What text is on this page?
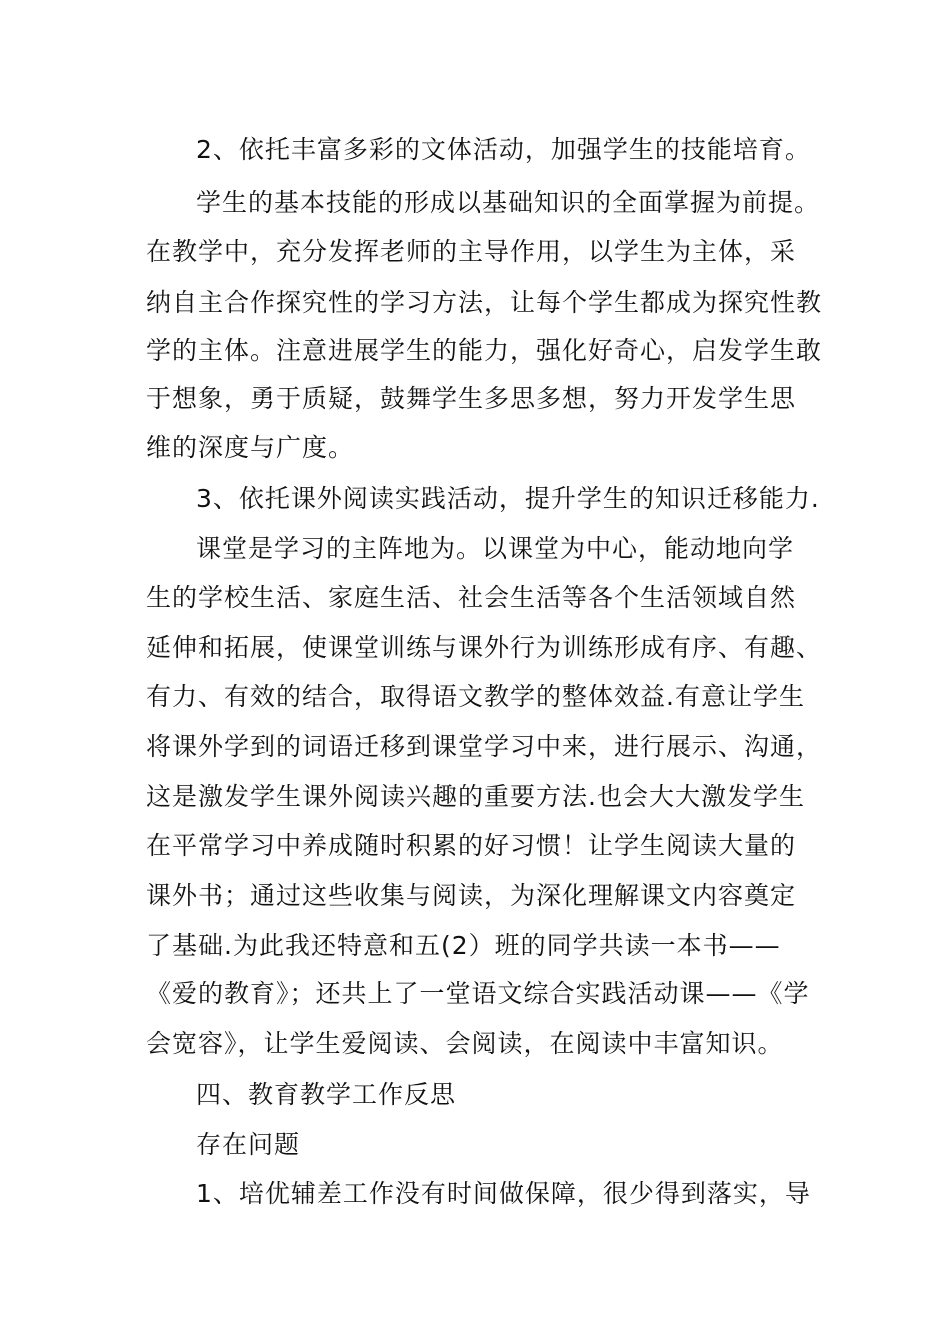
2、依托丰富多彩的文体活动，加强学生的技能培育。
学生的基本技能的形成以基础知识的全面掌握为前提。
在教学中，充分发挥老师的主导作用，以学生为主体，采
纳自主合作探究性的学习方法，让每个学生都成为探究性教
学的主体。注意进展学生的能力，强化好奇心，启发学生敢
于想象，勇于质疑，鼓舞学生多思多想，努力开发学生思
维的深度与广度。
3、依托课外阅读实践活动，提升学生的知识迁移能力.
课堂是学习的主阵地为。以课堂为中心，能动地向学
生的学校生活、家庭生活、社会生活等各个生活领域自然
延伸和拓展，使课堂训练与课外行为训练形成有序、有趣、
有力、有效的结合，取得语文教学的整体效益.有意让学生
将课外学到的词语迁移到课堂学习中来，进行展示、沟通，
这是激发学生课外阅读兴趣的重要方法.也会大大激发学生
在平常学习中养成随时积累的好习惯！让学生阅读大量的
课外书；通过这些收集与阅读，为深化理解课文内容奠定
了基础.为此我还特意和五(2）班的同学共读一本书——
《爱的教育》；还共上了一堂语文综合实践活动课——《学
会宽容》，让学生爱阅读、会阅读，在阅读中丰富知识。
四、教育教学工作反思
存在问题
1、培优辅差工作没有时间做保障，很少得到落实，导
